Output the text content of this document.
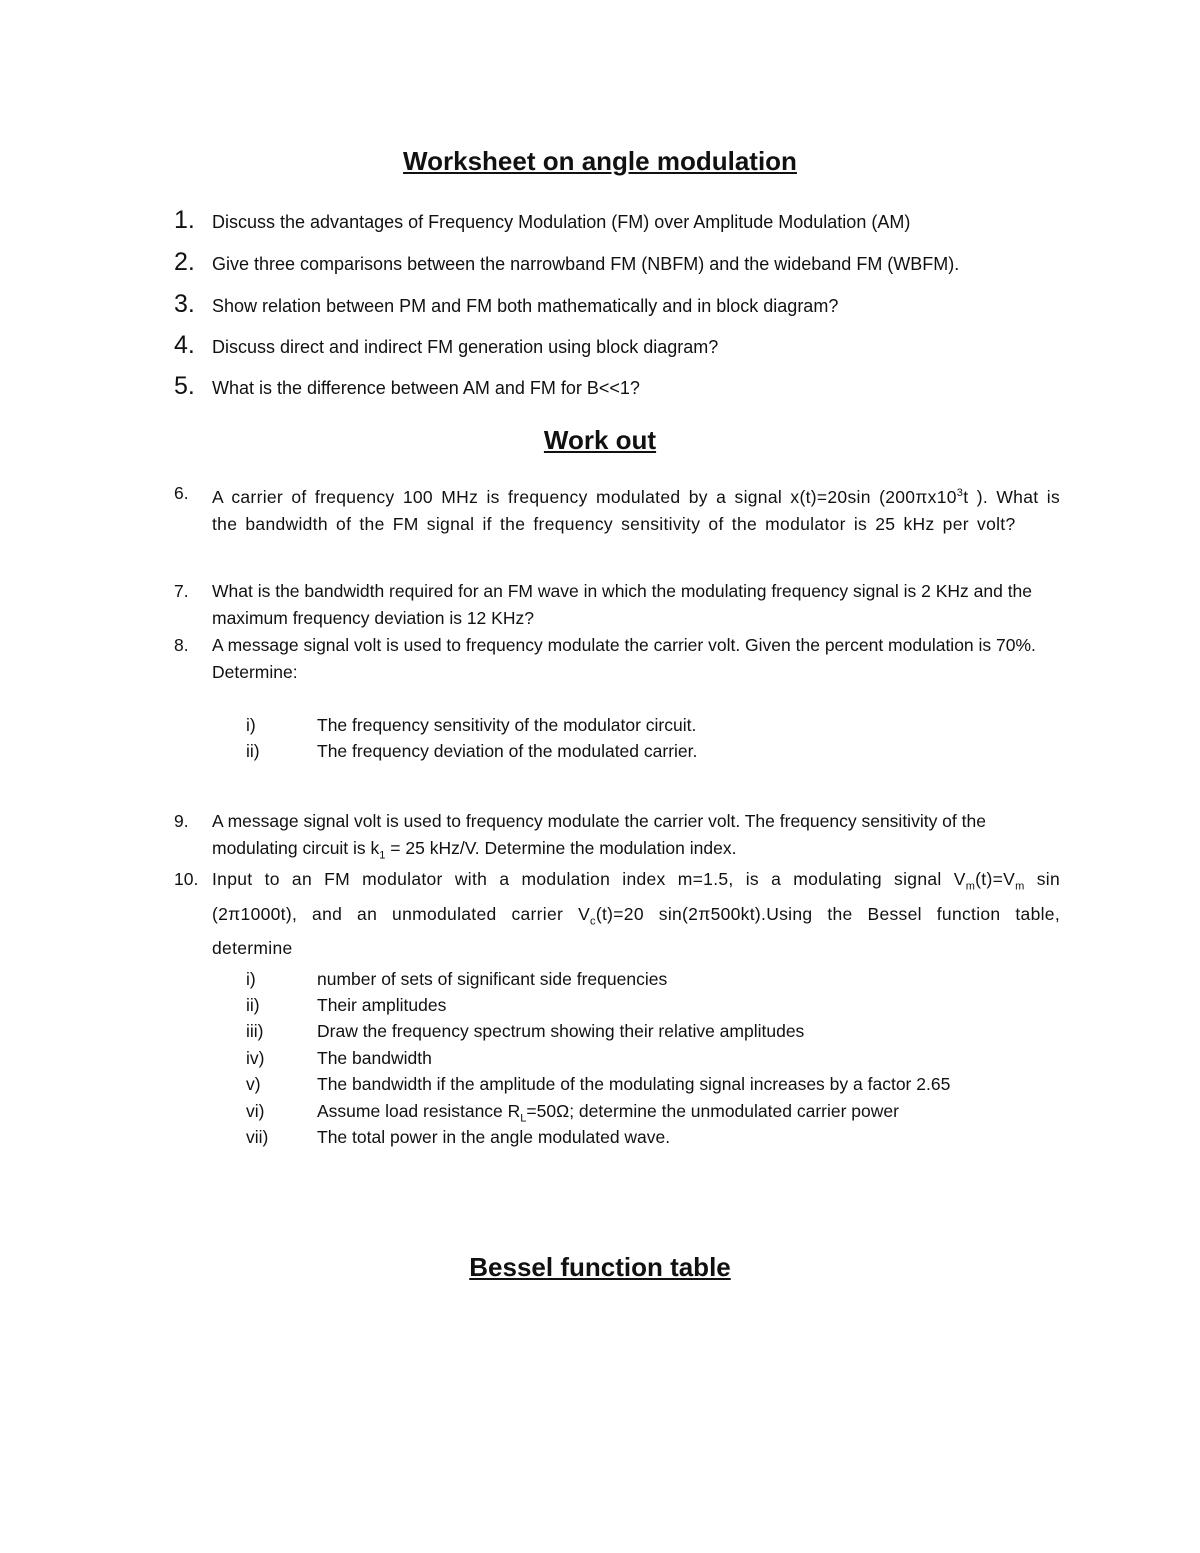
Worksheet on angle modulation
1. Discuss the advantages of Frequency Modulation (FM) over Amplitude Modulation (AM)
2. Give three comparisons between the narrowband FM (NBFM) and the wideband FM (WBFM).
3. Show relation between PM and FM both mathematically and in block diagram?
4. Discuss direct and indirect FM generation using block diagram?
5. What is the difference between AM and FM for B<<1?
Work out
6. A carrier of frequency 100 MHz is frequency modulated by a signal x(t)=20sin ($200\pi x10^3t$ ). What is the bandwidth of the FM signal if the frequency sensitivity of the modulator is 25 kHz per volt?
7. What is the bandwidth required for an FM wave in which the modulating frequency signal is 2 KHz and the maximum frequency deviation is 12 KHz?
8. A message signal volt is used to frequency modulate the carrier volt. Given the percent modulation is 70%.

Determine:

i)	The frequency sensitivity of the modulator circuit.
ii)	The frequency deviation of the modulated carrier.
9. A message signal volt is used to frequency modulate the carrier volt. The frequency sensitivity of the modulating circuit is $k_1 = 25$ kHz/V. Determine the modulation index.
10. Input to an FM modulator with a modulation index m=1.5, is a modulating signal $V_m(t)=V_m$ sin (2π1000t), and an unmodulated carrier $V_c(t)=20$ sin(2π500kt).Using the Bessel function table, determine
i)	number of sets of significant side frequencies
ii)	Their amplitudes
iii)	Draw the frequency spectrum showing their relative amplitudes
iv)	The bandwidth
v)	The bandwidth if the amplitude of the modulating signal increases by a factor 2.65
vi)	Assume load resistance $R_L=50\Omega$; determine the unmodulated carrier power
vii)	The total power in the angle modulated wave.
Bessel function table
